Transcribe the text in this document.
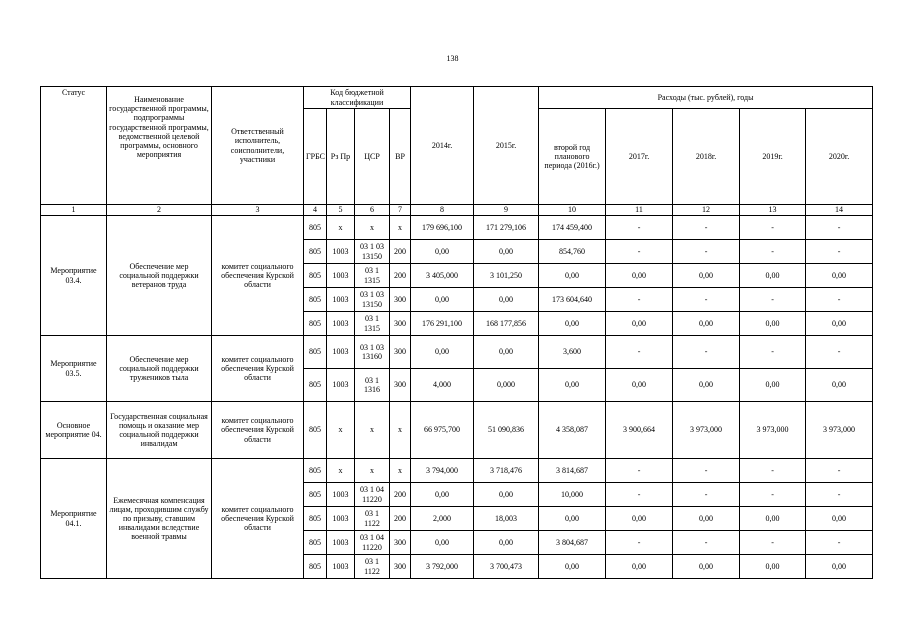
138
Статус	Наименование государственной программы, подпрограммы государственной программы, ведомственной целевой программы, основного мероприятия	Ответственный исполнитель, соисполнители, участники	Код бюджетной классификации				2014г.	2015г.	Расходы (тыс. рублей), годы				
			ГРБС	Рз Пр	ЦСР	ВР			второй год планового периода (2016г.)	2017г.	2018г.	2019г.	2020г.
1	2	3	4	5	6	7	8	9	10	11	12	13	14
Мероприятие 03.4.	Обеспечение мер социальной поддержки ветеранов труда	комитет социального обеспечения Курской области	805	x	x	x	179 696,100	171 279,106	174 459,400	-	-	-	-
			805	1003	03 1 03 13150	200	0,00	0,00	854,760	-	-	-	-
			805	1003	03 1 1315	200	3 405,000	3 101,250	0,00	0,00	0,00	0,00	0,00
			805	1003	03 1 03 13150	300	0,00	0,00	173 604,640	-	-	-	-
			805	1003	03 1 1315	300	176 291,100	168 177,856	0,00	0,00	0,00	0,00	0,00
Мероприятие 03.5.	Обеспечение мер социальной поддержки тружеников тыла	комитет социального обеспечения Курской области	805	1003	03 1 03 13160	300	0,00	0,00	3,600	-	-	-	-
			805	1003	03 1 1316	300	4,000	0,000	0,00	0,00	0,00	0,00	0,00
Основное мероприятие 04.	Государственная социальная помощь и оказание мер социальной поддержки инвалидам	комитет социального обеспечения Курской области	805	x	x	x	66 975,700	51 090,836	4 358,087	3 900,664	3 973,000	3 973,000	3 973,000
Мероприятие 04.1.	Ежемесячная компенсация лицам, проходившим службу по призыву, ставшим инвалидами вследствие военной травмы	комитет социального обеспечения Курской области	805	x	x	x	3 794,000	3 718,476	3 814,687	-	-	-	-
			805	1003	03 1 04 11220	200	0,00	0,00	10,000	-	-	-	-
			805	1003	03 1 1122	200	2,000	18,003	0,00	0,00	0,00	0,00	0,00
			805	1003	03 1 04 11220	300	0,00	0,00	3 804,687	-	-	-	-
			805	1003	03 1 1122	300	3 792,000	3 700,473	0,00	0,00	0,00	0,00	0,00
